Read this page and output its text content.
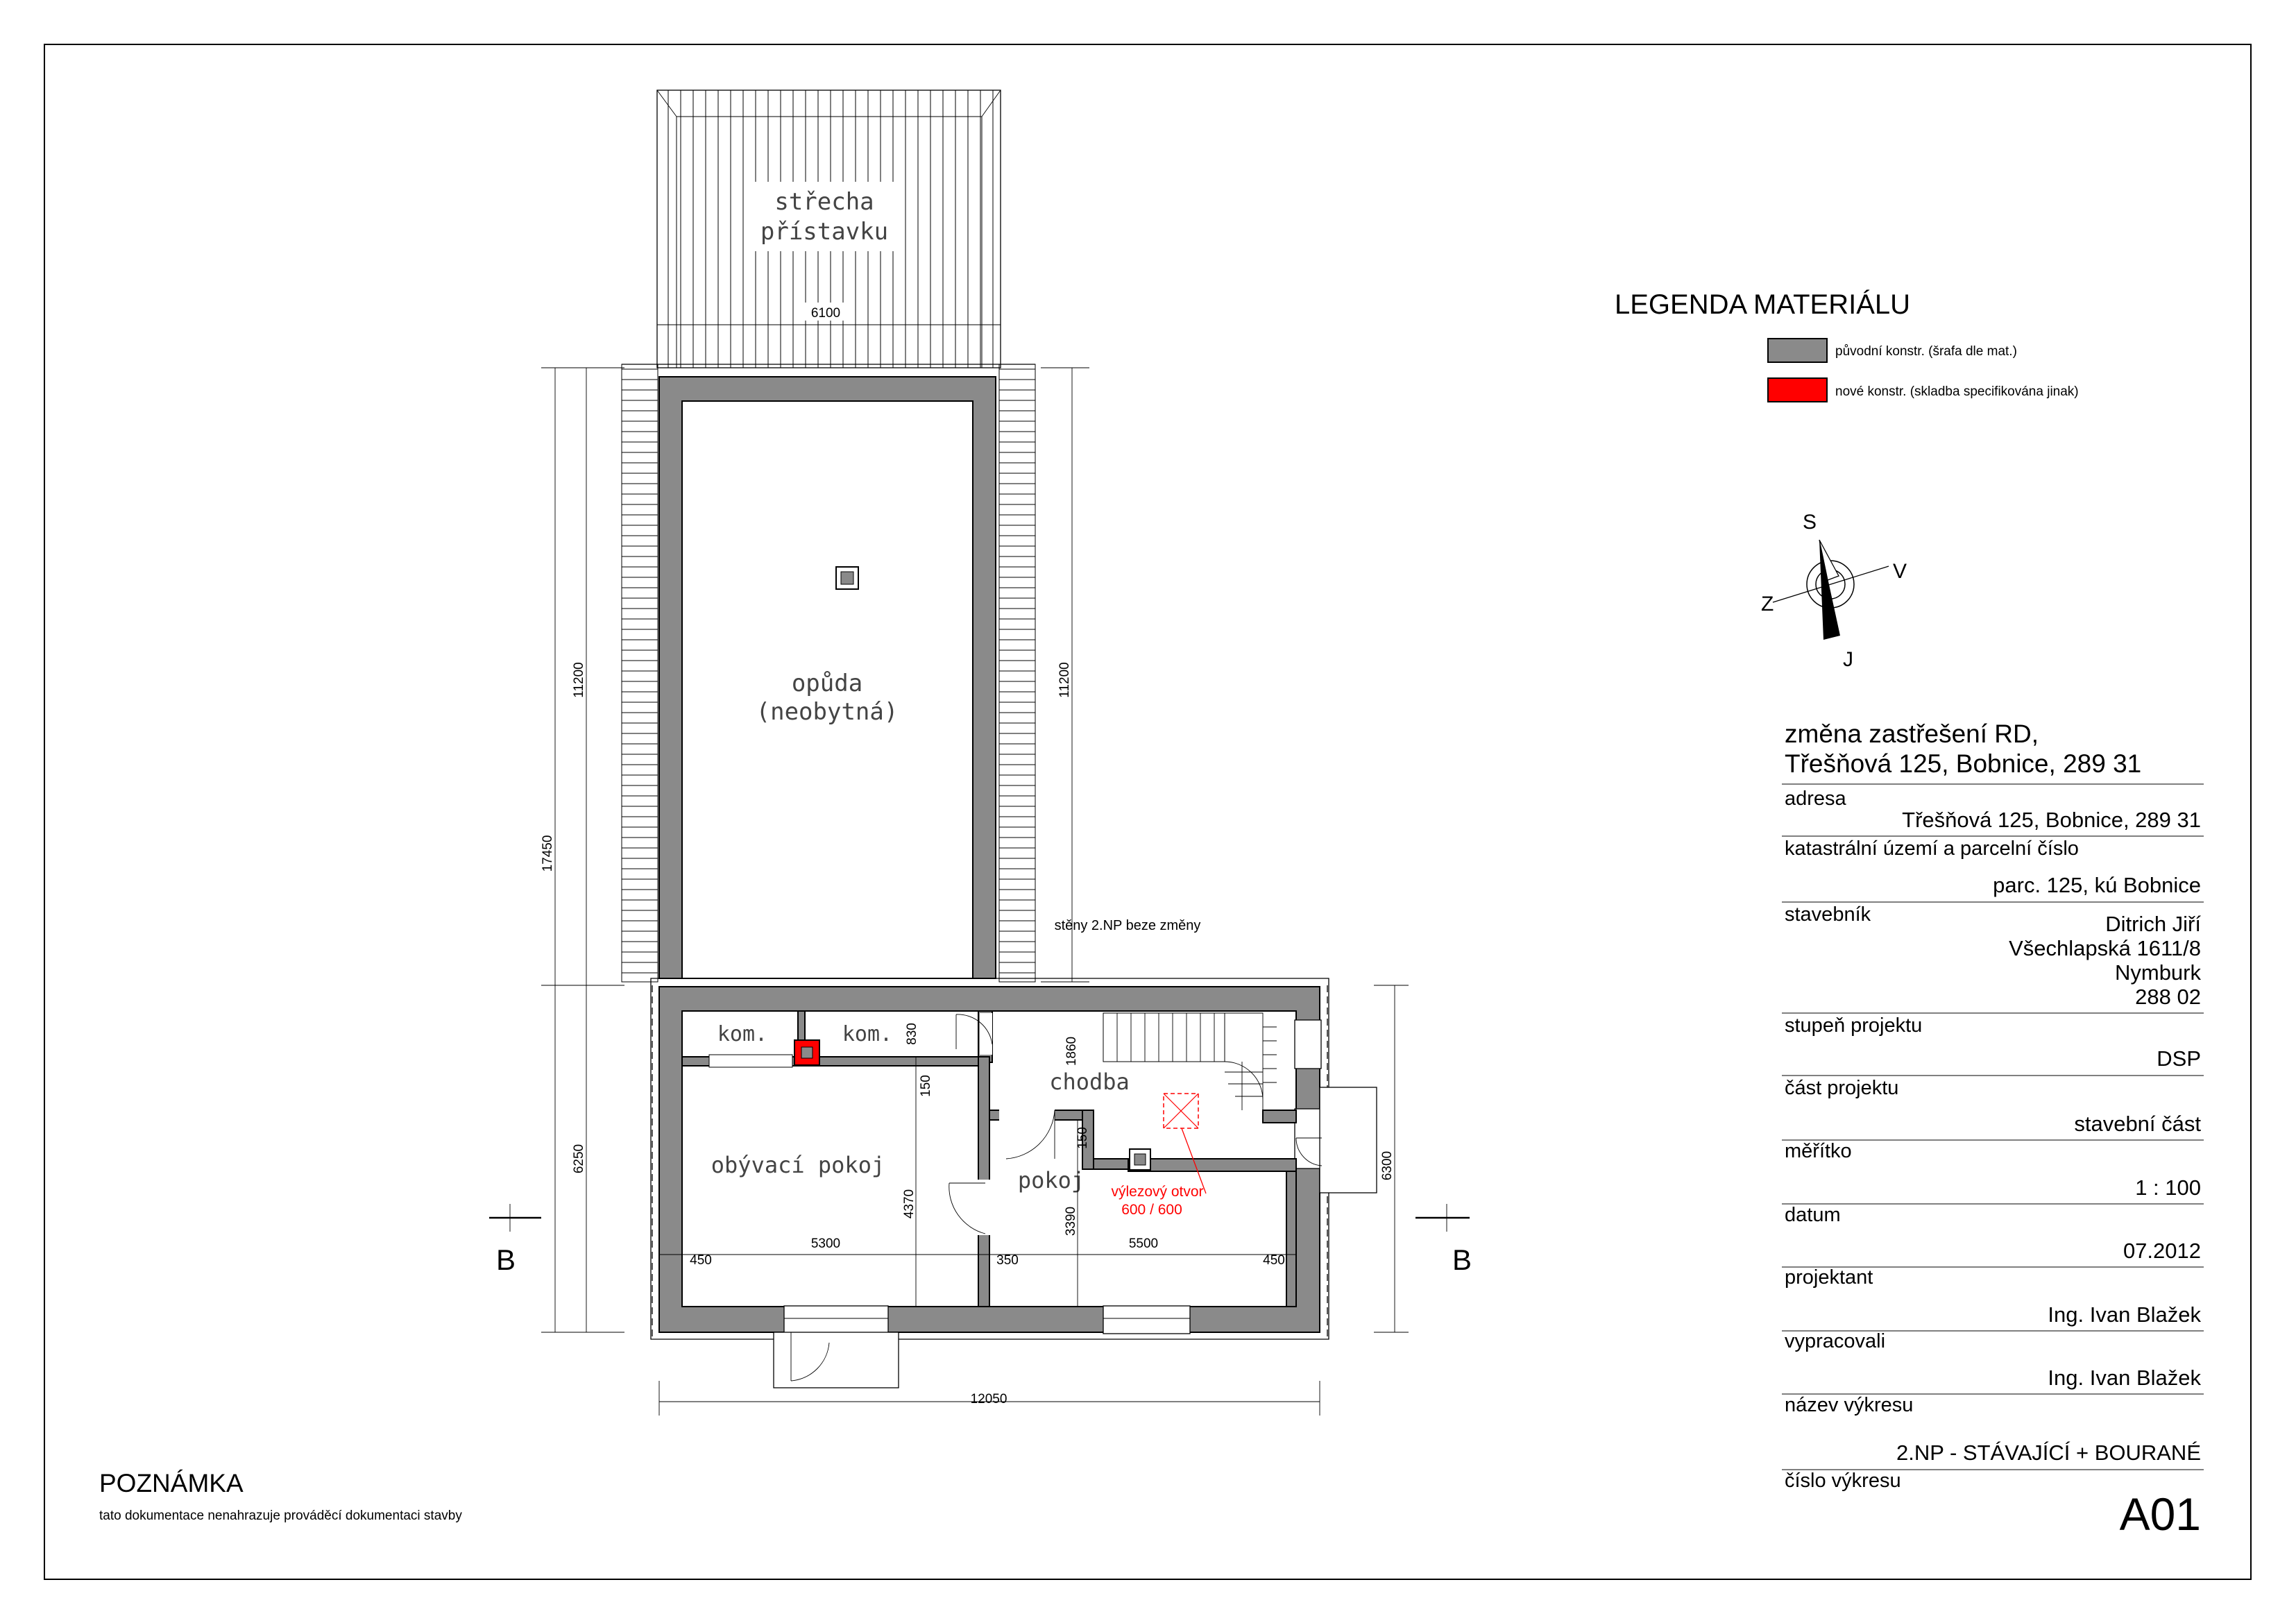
střecha
přístavku
6100
opůda
(neobytná)
výlezový otvor
600 / 600
kom.	kom.
chodba
obývací pokoj
pokoj
stěny 2.NP beze změny
450
5300
350
5500
450
4370
3390
830
1860
150
150
17450
11200
6250
11200
6300
12050
B	B
LEGENDA MATERIÁLU
původní konstr. (šrafa dle mat.)
nové konstr. (skladba specifikována jinak)
S
V
Z
J
POZNÁMKA
tato dokumentace nenahrazuje prováděcí dokumentaci stavby
změna zastřešení RD,
Třešňová 125, Bobnice, 289 31
adresa
Třešňová 125, Bobnice, 289 31
katastrální území a parcelní číslo
parc. 125, kú Bobnice
stavebník	Ditrich Jiří
Všechlapská 1611/8
Nymburk
288 02
stupeň projektu
DSP
část projektu
stavební část
měřítko
1 : 100
datum
07.2012
projektant
Ing. Ivan Blažek
vypracovali
Ing. Ivan Blažek
název výkresu
2.NP - STÁVAJÍCÍ + BOURANÉ
číslo výkresu
A01
